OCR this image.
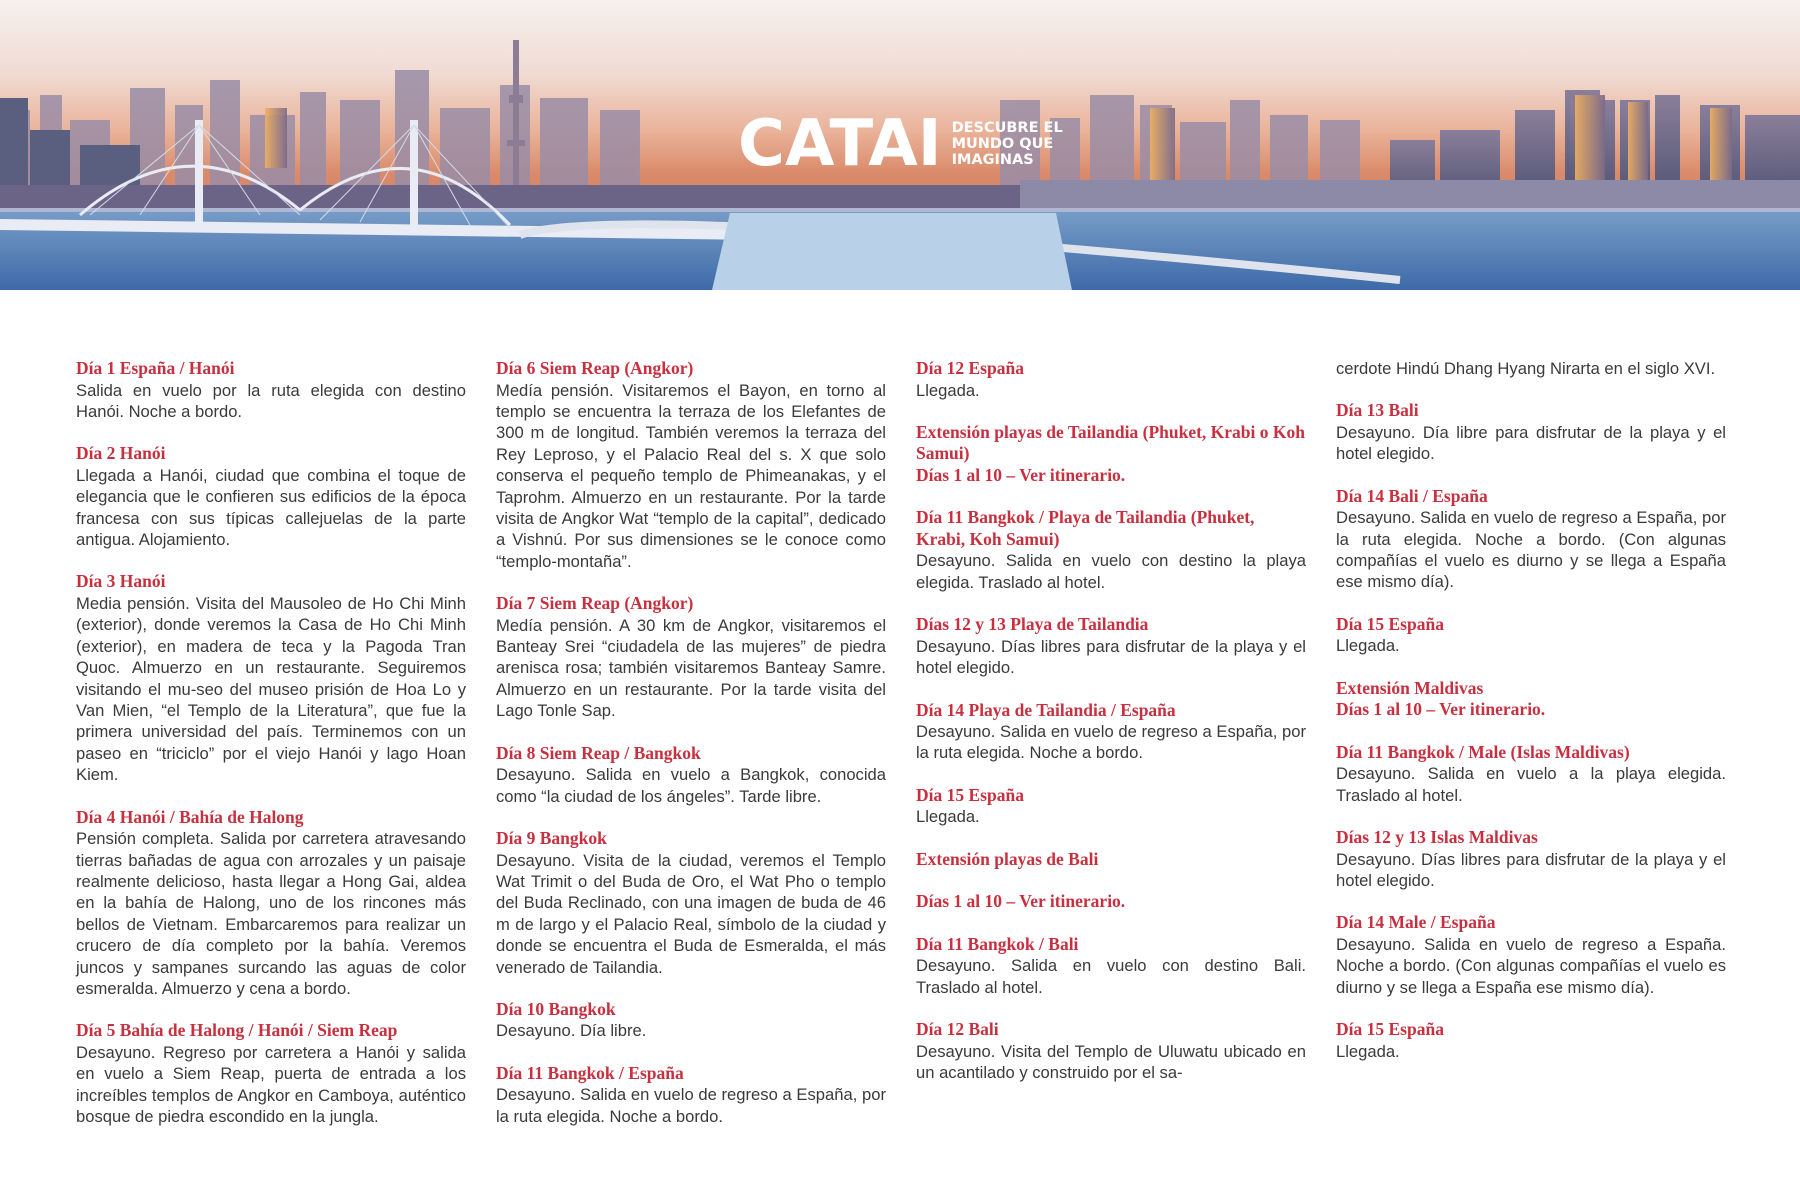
CATAI DESCUBRE EL MUNDO QUE IMAGINAS
Día 1 España / Hanói
Salida en vuelo por la ruta elegida con destino Hanói. Noche a bordo.
Día 2 Hanói
Llegada a Hanói, ciudad que combina el toque de elegancia que le confieren sus edificios de la época francesa con sus típicas callejuelas de la parte antigua. Alojamiento.
Día 3 Hanói
Media pensión. Visita del Mausoleo de Ho Chi Minh (exterior), donde veremos la Casa de Ho Chi Minh (exterior), en madera de teca y la Pagoda Tran Quoc. Almuerzo en un restaurante. Seguiremos visitando el mu-seo del museo prisión de Hoa Lo y Van Mien, “el Templo de la Literatura”, que fue la primera universidad del país. Terminemos con un paseo en “triciclo” por el viejo Hanói y lago Hoan Kiem.
Día 4 Hanói / Bahía de Halong
Pensión completa. Salida por carretera atravesando tierras bañadas de agua con arrozales y un paisaje realmente delicioso, hasta llegar a Hong Gai, aldea en la bahía de Halong, uno de los rincones más bellos de Vietnam. Embarcaremos para realizar un crucero de día completo por la bahía. Veremos juncos y sampanes surcando las aguas de color esmeralda. Almuerzo y cena a bordo.
Día 5 Bahía de Halong / Hanói / Siem Reap
Desayuno. Regreso por carretera a Hanói y salida en vuelo a Siem Reap, puerta de entrada a los increíbles templos de Angkor en Camboya, auténtico bosque de piedra escondido en la jungla.
Día 6 Siem Reap (Angkor)
Medía pensión. Visitaremos el Bayon, en torno al templo se encuentra la terraza de los Elefantes de 300 m de longitud. También veremos la terraza del Rey Leproso, y el Palacio Real del s. X que solo conserva el pequeño templo de Phimeanakas, y el Taprohm. Almuerzo en un restaurante. Por la tarde visita de Angkor Wat “templo de la capital”, dedicado a Vishnú. Por sus dimensiones se le conoce como “templo-montaña”.
Día 7 Siem Reap (Angkor)
Medía pensión. A 30 km de Angkor, visitaremos el Banteay Srei “ciudadela de las mujeres” de piedra arenisca rosa; también visitaremos Banteay Samre. Almuerzo en un restaurante. Por la tarde visita del Lago Tonle Sap.
Día 8 Siem Reap / Bangkok
Desayuno. Salida en vuelo a Bangkok, conocida como “la ciudad de los ángeles”. Tarde libre.
Día 9 Bangkok
Desayuno. Visita de la ciudad, veremos el Templo Wat Trimit o del Buda de Oro, el Wat Pho o templo del Buda Reclinado, con una imagen de buda de 46 m de largo y el Palacio Real, símbolo de la ciudad y donde se encuentra el Buda de Esmeralda, el más venerado de Tailandia.
Día 10 Bangkok
Desayuno. Día libre.
Día 11 Bangkok / España
Desayuno. Salida en vuelo de regreso a España, por la ruta elegida. Noche a bordo.
Día 12 España
Llegada.
Extensión playas de Tailandia (Phuket, Krabi o Koh Samui)
Días 1 al 10 – Ver itinerario.
Día 11 Bangkok / Playa de Tailandia (Phuket, Krabi, Koh Samui)
Desayuno. Salida en vuelo con destino la playa elegida. Traslado al hotel.
Días 12 y 13 Playa de Tailandia
Desayuno. Días libres para disfrutar de la playa y el hotel elegido.
Día 14 Playa de Tailandia / España
Desayuno. Salida en vuelo de regreso a España, por la ruta elegida. Noche a bordo.
Día 15 España
Llegada.
Extensión playas de Bali
Días 1 al 10 – Ver itinerario.
Día 11 Bangkok / Bali
Desayuno. Salida en vuelo con destino Bali. Traslado al hotel.
Día 12 Bali
Desayuno. Visita del Templo de Uluwatu ubicado en un acantilado y construido por el sa-
cerdote Hindú Dhang Hyang Nirarta en el siglo XVI.
Día 13 Bali
Desayuno. Día libre para disfrutar de la playa y el hotel elegido.
Día 14 Bali / España
Desayuno. Salida en vuelo de regreso a España, por la ruta elegida. Noche a bordo. (Con algunas compañías el vuelo es diurno y se llega a España ese mismo día).
Día 15 España
Llegada.
Extensión Maldivas
Días 1 al 10 – Ver itinerario.
Día 11 Bangkok / Male (Islas Maldivas)
Desayuno. Salida en vuelo a la playa elegida. Traslado al hotel.
Días 12 y 13 Islas Maldivas
Desayuno. Días libres para disfrutar de la playa y el hotel elegido.
Día 14 Male / España
Desayuno. Salida en vuelo de regreso a España. Noche a bordo. (Con algunas compañías el vuelo es diurno y se llega a España ese mismo día).
Día 15 España
Llegada.
